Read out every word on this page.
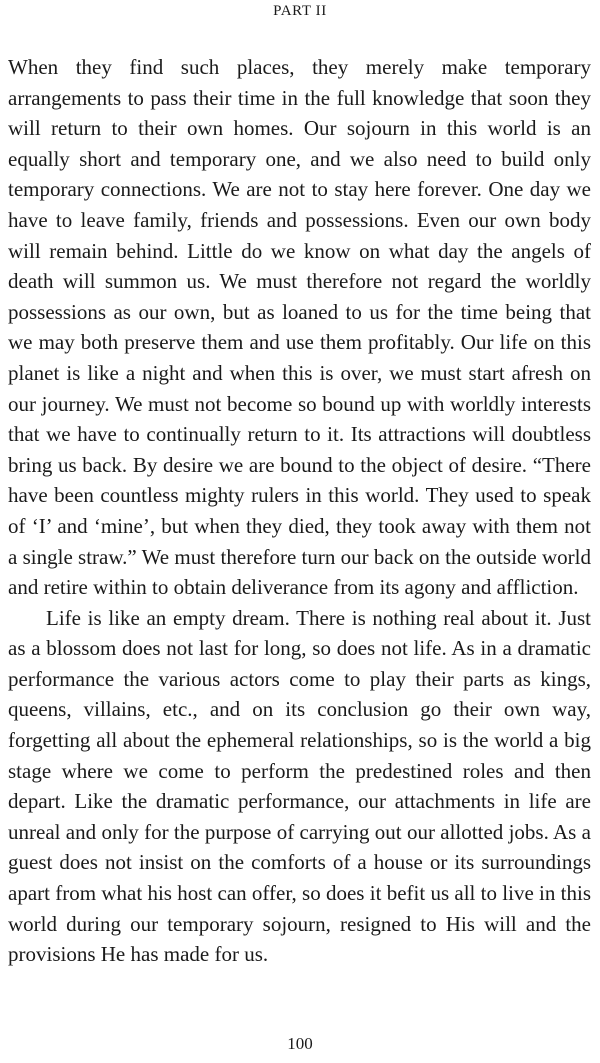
PART II

When they find such places, they merely make temporary arrangements to pass their time in the full knowledge that soon they will return to their own homes. Our sojourn in this world is an equally short and temporary one, and we also need to build only temporary connections. We are not to stay here forever. One day we have to leave family, friends and possessions. Even our own body will remain behind. Little do we know on what day the angels of death will summon us. We must therefore not regard the worldly possessions as our own, but as loaned to us for the time being that we may both preserve them and use them profitably. Our life on this planet is like a night and when this is over, we must start afresh on our journey. We must not become so bound up with worldly interests that we have to continually return to it. Its attractions will doubtless bring us back. By desire we are bound to the object of desire. “There have been countless mighty rulers in this world. They used to speak of ‘I’ and ‘mine’, but when they died, they took away with them not a single straw.” We must therefore turn our back on the outside world and retire within to obtain deliverance from its agony and affliction.

Life is like an empty dream. There is nothing real about it. Just as a blossom does not last for long, so does not life. As in a dramatic performance the various actors come to play their parts as kings, queens, villains, etc., and on its conclusion go their own way, forgetting all about the ephemeral relationships, so is the world a big stage where we come to perform the predestined roles and then depart. Like the dramatic performance, our attachments in life are unreal and only for the purpose of carrying out our allotted jobs. As a guest does not insist on the comforts of a house or its surroundings apart from what his host can offer, so does it befit us all to live in this world during our temporary sojourn, resigned to His will and the provisions He has made for us.

100
